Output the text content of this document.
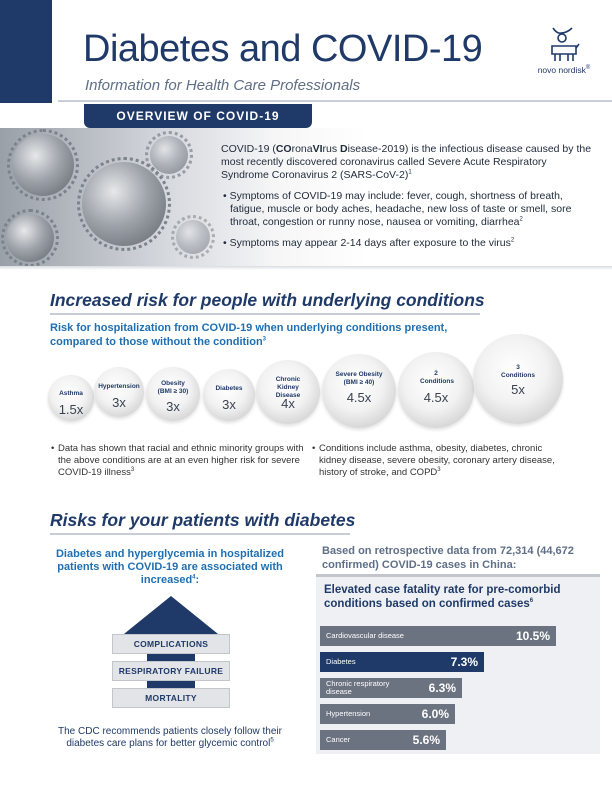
Diabetes and COVID-19
Information for Health Care Professionals
novo nordisk®
OVERVIEW OF COVID-19

COVID-19 (COronaVIrus Disease-2019) is the infectious disease caused by the most recently discovered coronavirus called Severe Acute Respiratory Syndrome Coronavirus 2 (SARS-CoV-2)$^1$

• Symptoms of COVID-19 may include: fever, cough, shortness of breath, fatigue, muscle or body aches, headache, new loss of taste or smell, sore throat, congestion or runny nose, nausea or vomiting, diarrhea$^2$

• Symptoms may appear 2-14 days after exposure to the virus$^2$

Increased risk for people with underlying conditions
Risk for hospitalization from COVID-19 when underlying conditions present, compared to those without the condition$^3$
Asthma
1.5x
Hypertension
3x
Obesity (BMI ≥ 30)
3x
Diabetes
3x
Chronic Kidney Disease
4x
Severe Obesity (BMI ≥ 40)
4.5x
2 Conditions
4.5x
3 Conditions
5x
• Data has shown that racial and ethnic minority groups with the above conditions are at an even higher risk for severe COVID-19 illness$^3$
• Conditions include asthma, obesity, diabetes, chronic kidney disease, severe obesity, coronary artery disease, history of stroke, and COPD$^3$
Risks for your patients with diabetes
Diabetes and hyperglycemia in hospitalized patients with COVID-19 are associated with increased$^4$:
COMPLICATIONS
RESPIRATORY FAILURE
MORTALITY
The CDC recommends patients closely follow their diabetes care plans for better glycemic control$^5$
Based on retrospective data from 72,314 (44,672 confirmed) COVID-19 cases in China:
Elevated case fatality rate for pre-comorbid conditions based on confirmed cases$^6$
Cardiovascular disease	10.5%
Diabetes	7.3%
Chronic respiratory disease	6.3%
Hypertension	6.0%
Cancer	5.6%
